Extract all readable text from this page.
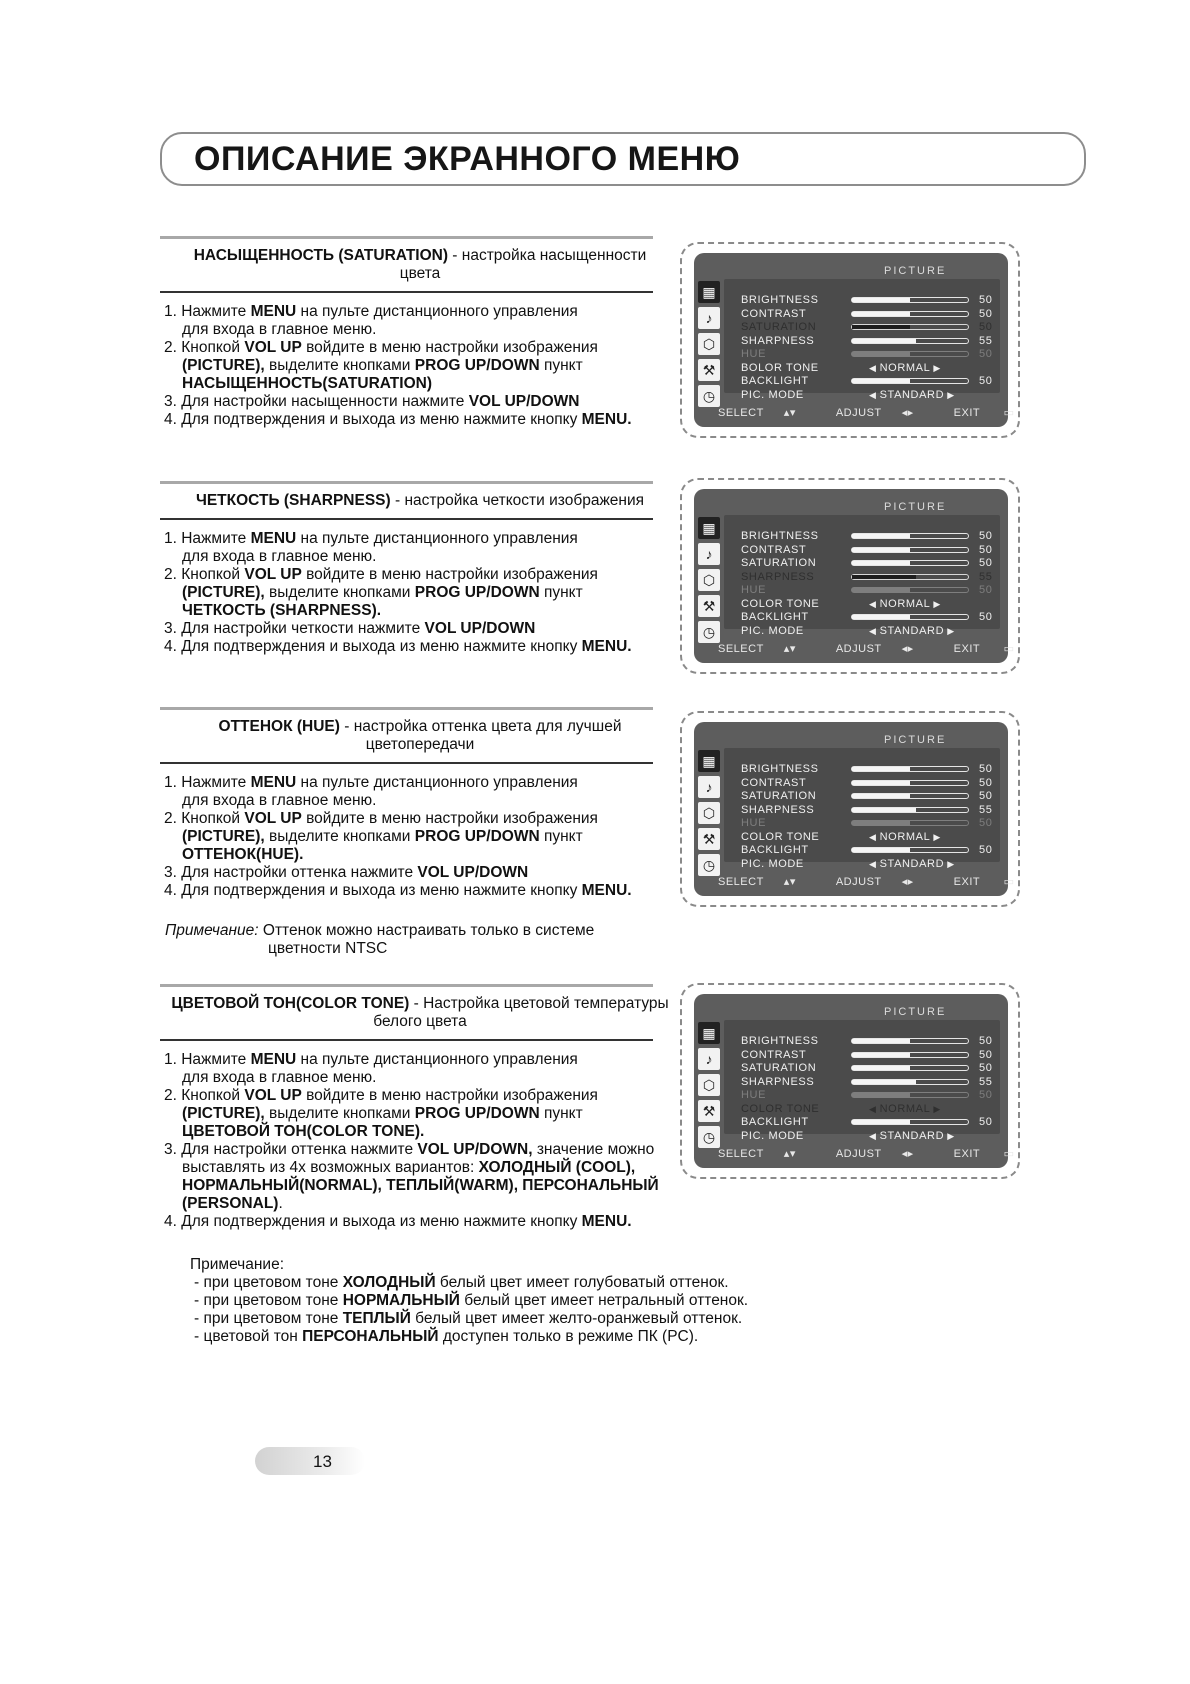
ОПИСАНИЕ ЭКРАННОГО МЕНЮ
НАСЫЩЕННОСТЬ (SATURATION) - настройка насыщенности
цвета
1. Нажмите MENU на пульте дистанционного управления
для входа в главное меню.
2. Кнопкой VOL UP войдите в меню настройки изображения
(PICTURE), выделите кнопками PROG UP/DOWN пункт
НАСЫЩЕННОСТЬ(SATURATION)
3. Для настройки насыщенности нажмите VOL UP/DOWN
4. Для подтверждения и выхода из меню нажмите кнопку MENU.
ЧЕТКОСТЬ (SHARPNESS) - настройка четкости изображения
1. Нажмите MENU на пульте дистанционного управления
для входа в главное меню.
2. Кнопкой VOL UP войдите в меню настройки изображения
(PICTURE), выделите кнопками PROG UP/DOWN пункт
ЧЕТКОСТЬ (SHARPNESS).
3. Для настройки четкости нажмите VOL UP/DOWN
4. Для подтверждения и выхода из меню нажмите кнопку MENU.
ОТТЕНОК (HUE) - настройка оттенка цвета для лучшей
цветопередачи
1. Нажмите MENU на пульте дистанционного управления
для входа в главное меню.
2. Кнопкой VOL UP войдите в меню настройки изображения
(PICTURE), выделите кнопками PROG UP/DOWN пункт
ОТТЕНОК(HUE).
3. Для настройки оттенка нажмите VOL UP/DOWN
4. Для подтверждения и выхода из меню нажмите кнопку MENU.
ЦВЕТОВОЙ ТОН(COLOR TONE) - Настройка цветовой температуры
белого цвета
1. Нажмите MENU на пульте дистанционного управления
для входа в главное меню.
2. Кнопкой VOL UP войдите в меню настройки изображения
(PICTURE), выделите кнопками PROG UP/DOWN пункт
ЦВЕТОВОЙ ТОН(COLOR TONE).
3. Для настройки оттенка нажмите VOL UP/DOWN, значение можно
выставлять из 4х возможных вариантов: ХОЛОДНЫЙ (COOL),
НОРМАЛЬНЫЙ(NORMAL), ТЕПЛЫЙ(WARM), ПЕРСОНАЛЬНЫЙ
(PERSONAL).
4. Для подтверждения и выхода из меню нажмите кнопку MENU.
Примечание: Оттенок можно настраивать только в системе
цветности NTSC
Примечание:
- при цветовом тоне ХОЛОДНЫЙ белый цвет имеет голубоватый оттенок.
- при цветовом тоне НОРМАЛЬНЫЙ белый цвет имеет нетральный оттенок.
- при цветовом тоне ТЕПЛЫЙ белый цвет имеет желто-оранжевый оттенок.
- цветовой тон ПЕРСОНАЛЬНЫЙ доступен только в режиме ПК (PC).
PICTURE
▦
♪
⬡
⚒
◷
BRIGHTNESS	50
CONTRAST	50
SATURATION	50
SHARPNESS	55
HUE	50
BOLOR TONE	◀ NORMAL ▶
BACKLIGHT	50
PIC. MODE	◀ STANDARD ▶
SELECT ▴▾	ADJUST ◂▸	EXIT ▭
PICTURE
▦
♪
⬡
⚒
◷
BRIGHTNESS	50
CONTRAST	50
SATURATION	50
SHARPNESS	55
HUE	50
COLOR TONE	◀ NORMAL ▶
BACKLIGHT	50
PIC. MODE	◀ STANDARD ▶
SELECT ▴▾	ADJUST ◂▸	EXIT ▭
PICTURE
▦
♪
⬡
⚒
◷
BRIGHTNESS	50
CONTRAST	50
SATURATION	50
SHARPNESS	55
HUE	50
COLOR TONE	◀ NORMAL ▶
BACKLIGHT	50
PIC. MODE	◀ STANDARD ▶
SELECT ▴▾	ADJUST ◂▸	EXIT ▭
PICTURE
▦
♪
⬡
⚒
◷
BRIGHTNESS	50
CONTRAST	50
SATURATION	50
SHARPNESS	55
HUE	50
COLOR TONE	◀ NORMAL ▶
BACKLIGHT	50
PIC. MODE	◀ STANDARD ▶
SELECT ▴▾	ADJUST ◂▸	EXIT ▭
13
